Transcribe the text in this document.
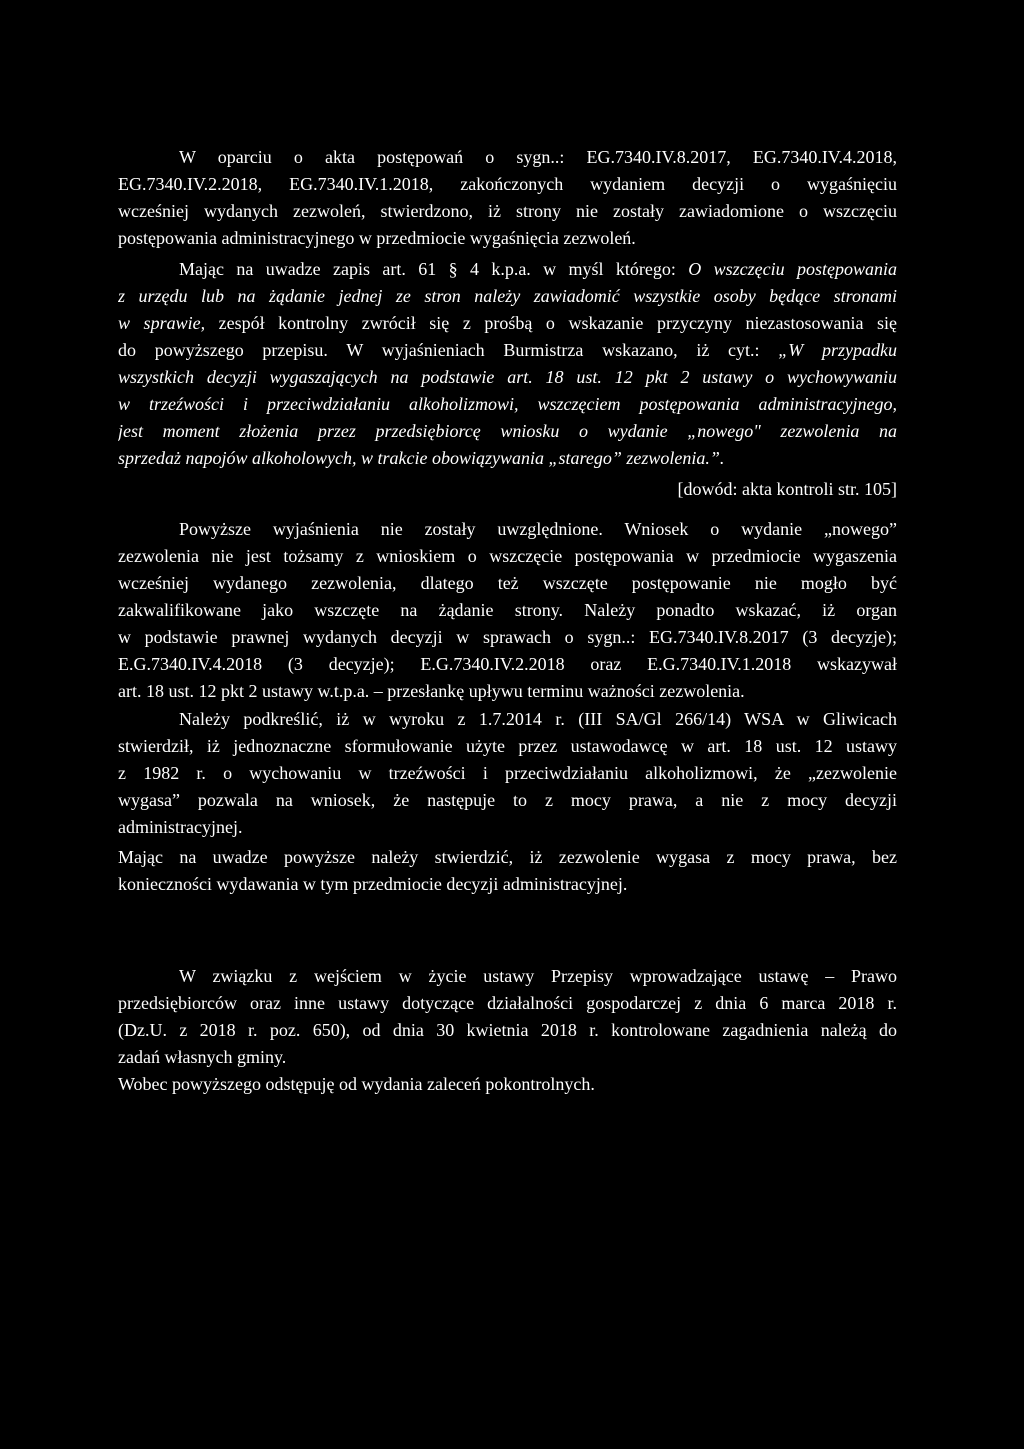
W oparciu o akta postępowań o sygn..: EG.7340.IV.8.2017, EG.7340.IV.4.2018,
EG.7340.IV.2.2018, EG.7340.IV.1.2018, zakończonych wydaniem decyzji o wygaśnięciu
wcześniej wydanych zezwoleń, stwierdzono, iż strony nie zostały zawiadomione o wszczęciu
postępowania administracyjnego w przedmiocie wygaśnięcia zezwoleń.
Mając na uwadze zapis art. 61 § 4 k.p.a. w myśl którego: O wszczęciu postępowania
z urzędu lub na żądanie jednej ze stron należy zawiadomić wszystkie osoby będące stronami
w sprawie, zespół kontrolny zwrócił się z prośbą o wskazanie przyczyny niezastosowania się
do powyższego przepisu. W wyjaśnieniach Burmistrza wskazano, iż cyt.: „W przypadku
wszystkich decyzji wygaszających na podstawie art. 18 ust. 12 pkt 2 ustawy o wychowywaniu
w trzeźwości i przeciwdziałaniu alkoholizmowi, wszczęciem postępowania administracyjnego,
jest moment złożenia przez przedsiębiorcę wniosku o wydanie „nowego" zezwolenia na
sprzedaż napojów alkoholowych, w trakcie obowiązywania „starego” zezwolenia.”.
[dowód: akta kontroli str. 105]
Powyższe wyjaśnienia nie zostały uwzględnione. Wniosek o wydanie „nowego”
zezwolenia nie jest tożsamy z wnioskiem o wszczęcie postępowania w przedmiocie wygaszenia
wcześniej wydanego zezwolenia, dlatego też wszczęte postępowanie nie mogło być
zakwalifikowane jako wszczęte na żądanie strony. Należy ponadto wskazać, iż organ
w podstawie prawnej wydanych decyzji w sprawach o sygn..: EG.7340.IV.8.2017 (3 decyzje);
E.G.7340.IV.4.2018 (3 decyzje); E.G.7340.IV.2.2018 oraz E.G.7340.IV.1.2018 wskazywał
art. 18 ust. 12 pkt 2 ustawy w.t.p.a. – przesłankę upływu terminu ważności zezwolenia.
Należy podkreślić, iż w wyroku z 1.7.2014 r. (III SA/Gl 266/14) WSA w Gliwicach
stwierdził, iż jednoznaczne sformułowanie użyte przez ustawodawcę w art. 18 ust. 12 ustawy
z 1982 r. o wychowaniu w trzeźwości i przeciwdziałaniu alkoholizmowi, że „zezwolenie
wygasa” pozwala na wniosek, że następuje to z mocy prawa, a nie z mocy decyzji
administracyjnej.
Mając na uwadze powyższe należy stwierdzić, iż zezwolenie wygasa z mocy prawa, bez
konieczności wydawania w tym przedmiocie decyzji administracyjnej.
W związku z wejściem w życie ustawy Przepisy wprowadzające ustawę – Prawo
przedsiębiorców oraz inne ustawy dotyczące działalności gospodarczej z dnia 6 marca 2018 r.
(Dz.U. z 2018 r. poz. 650), od dnia 30 kwietnia 2018 r. kontrolowane zagadnienia należą do
zadań własnych gminy.
Wobec powyższego odstępuję od wydania zaleceń pokontrolnych.
